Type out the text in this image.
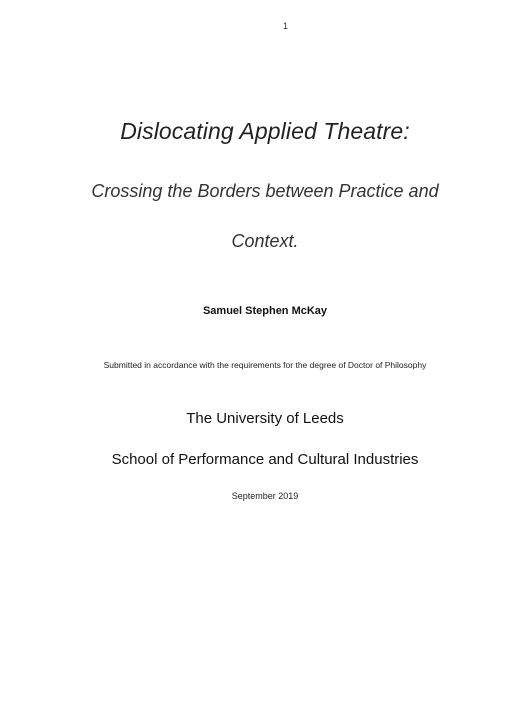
1

Dislocating Applied Theatre:

Crossing the Borders between Practice and

Context.

Samuel Stephen McKay

Submitted in accordance with the requirements for the degree of Doctor of Philosophy

The University of Leeds

School of Performance and Cultural Industries

September 2019
